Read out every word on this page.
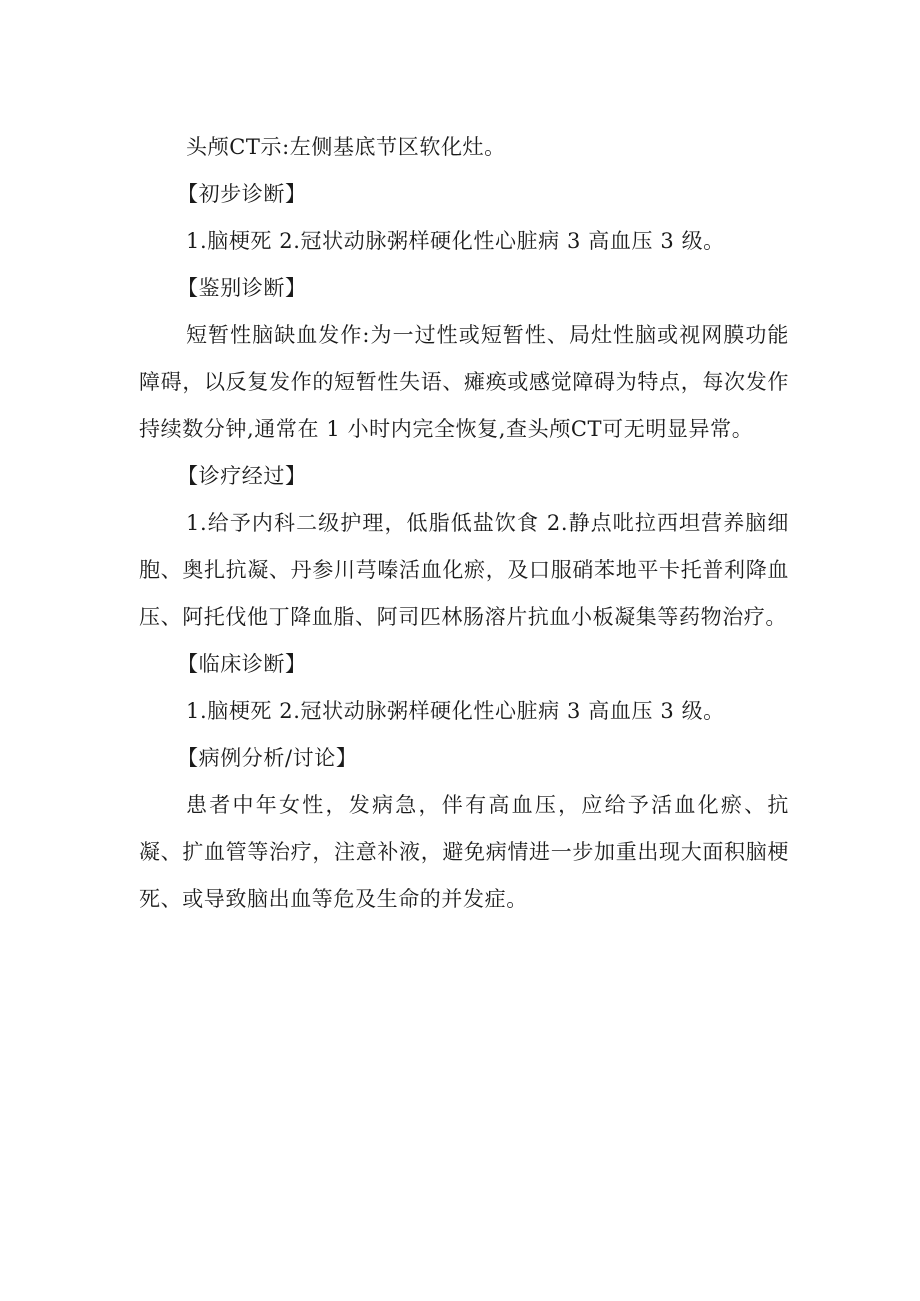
头颅CT示:左侧基底节区软化灶。

【初步诊断】

1.脑梗死 2.冠状动脉粥样硬化性心脏病 3 高血压 3 级。

【鉴别诊断】

短暂性脑缺血发作:为一过性或短暂性、局灶性脑或视网膜功能障碍，以反复发作的短暂性失语、瘫痪或感觉障碍为特点，每次发作持续数分钟,通常在 1 小时内完全恢复,查头颅CT可无明显异常。

【诊疗经过】

1.给予内科二级护理，低脂低盐饮食 2.静点吡拉西坦营养脑细胞、奥扎抗凝、丹参川芎嗪活血化瘀，及口服硝苯地平卡托普利降血压、阿托伐他丁降血脂、阿司匹林肠溶片抗血小板凝集等药物治疗。

【临床诊断】

1.脑梗死 2.冠状动脉粥样硬化性心脏病 3 高血压 3 级。

【病例分析/讨论】

患者中年女性，发病急，伴有高血压，应给予活血化瘀、抗凝、扩血管等治疗，注意补液，避免病情进一步加重出现大面积脑梗死、或导致脑出血等危及生命的并发症。
